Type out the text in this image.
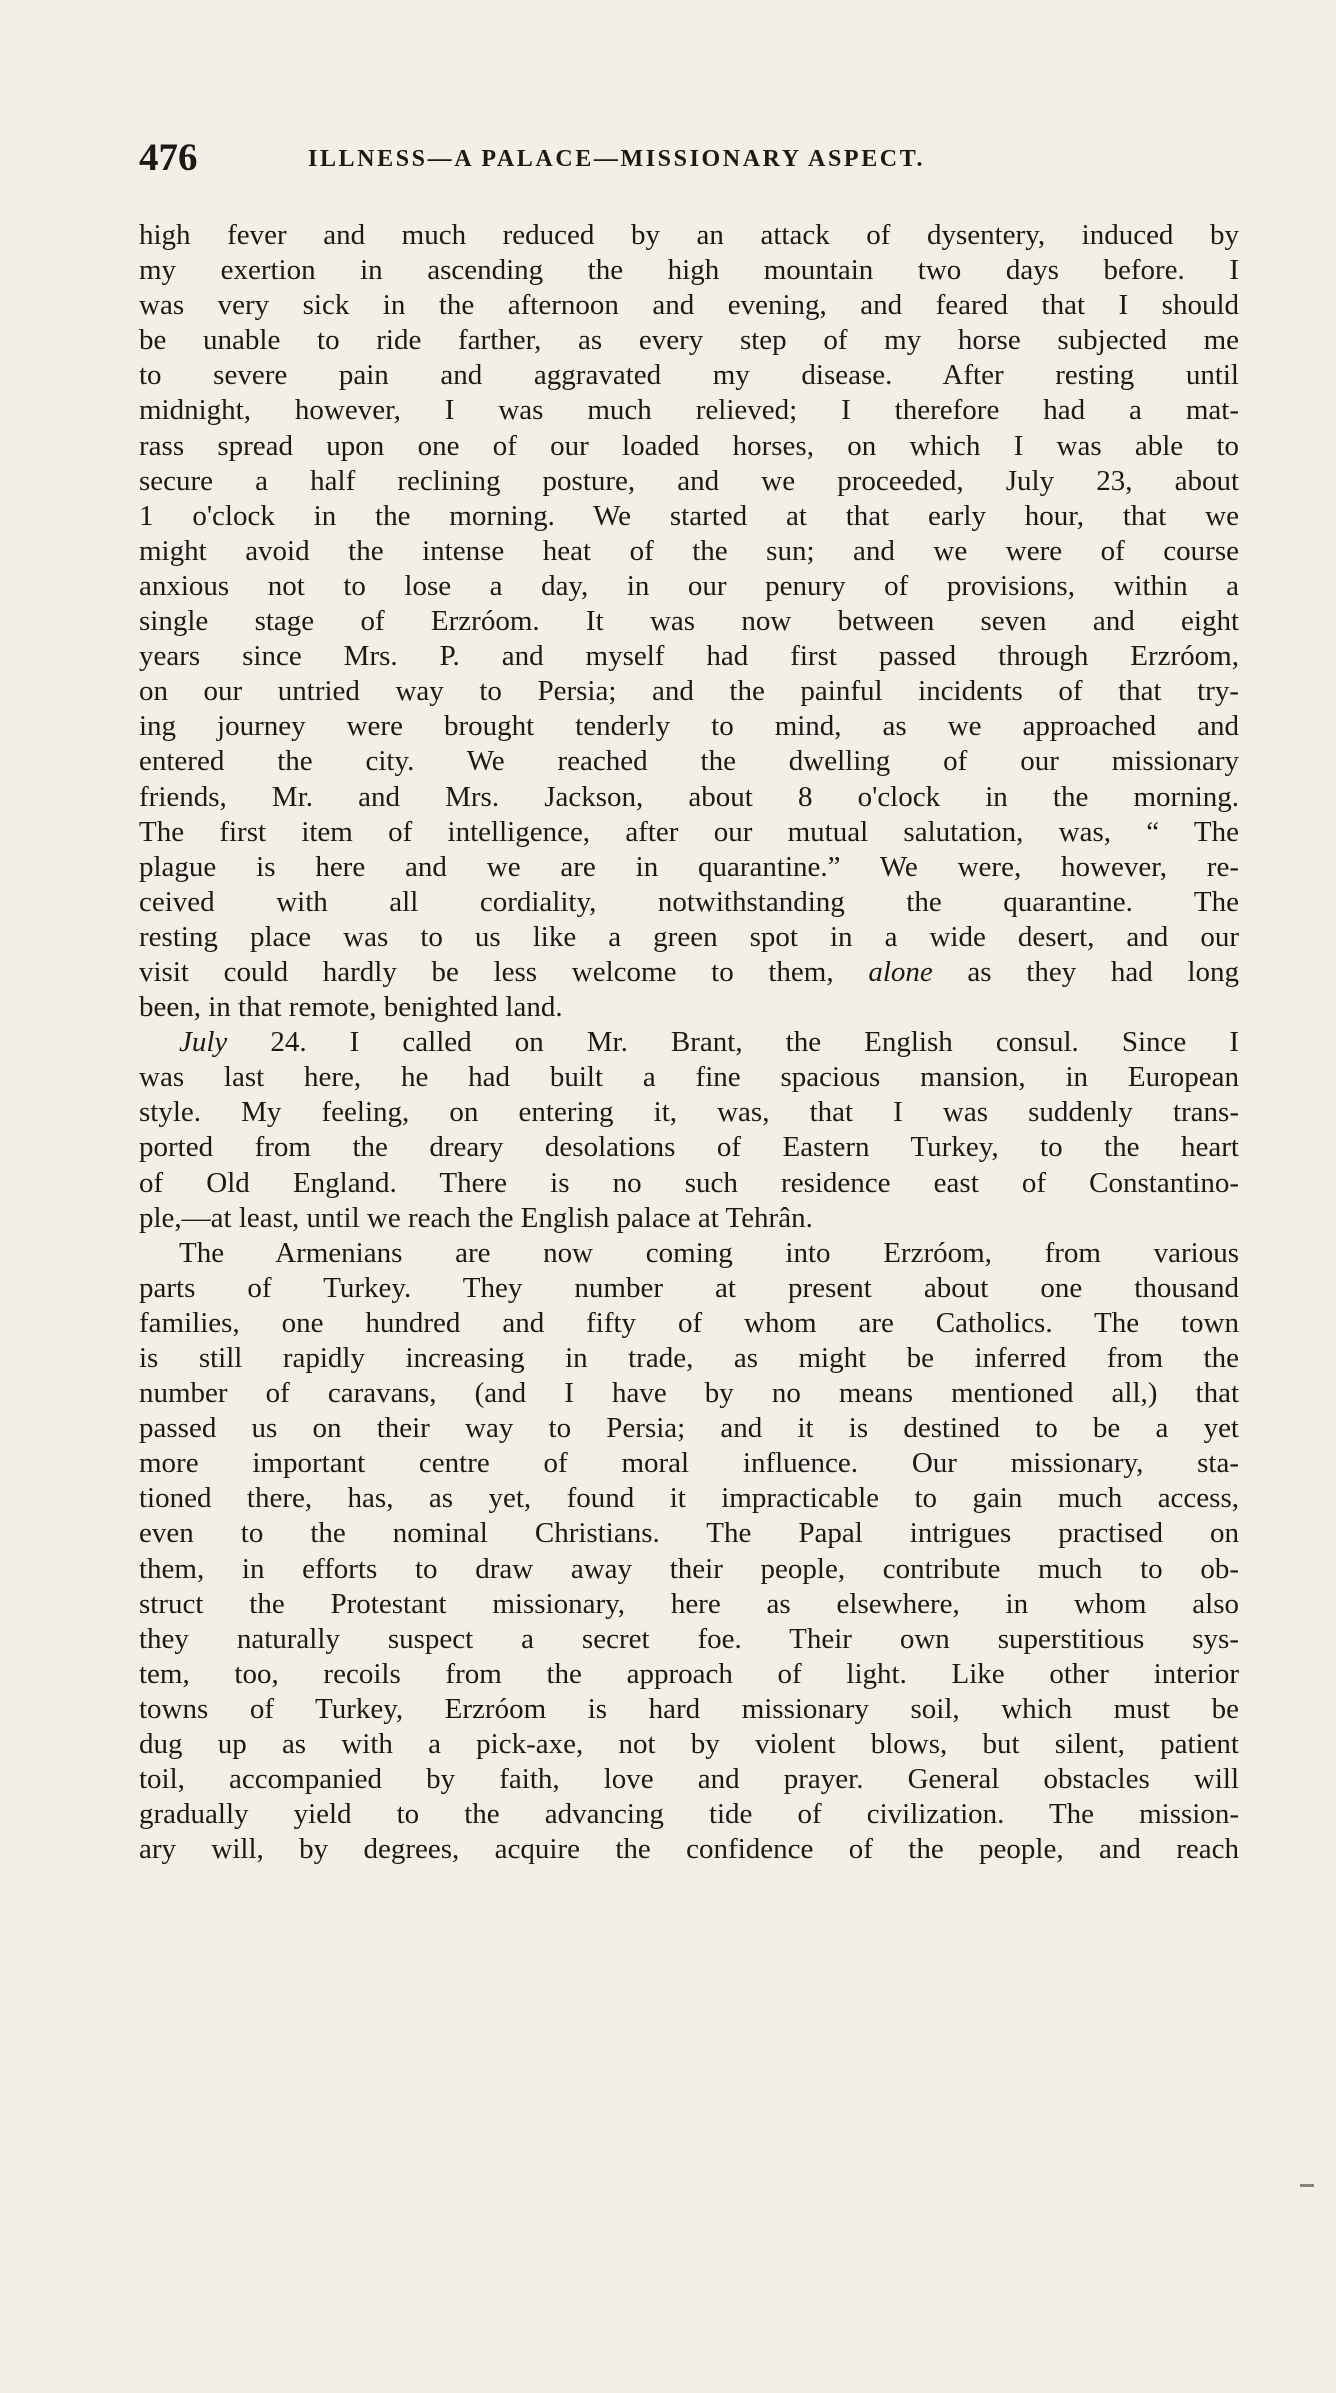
476	ILLNESS—A PALACE—MISSIONARY ASPECT.
high fever and much reduced by an attack of dysentery, induced by
my exertion in ascending the high mountain two days before. I
was very sick in the afternoon and evening, and feared that I should
be unable to ride farther, as every step of my horse subjected me
to severe pain and aggravated my disease. After resting until
midnight, however, I was much relieved; I therefore had a mat-
rass spread upon one of our loaded horses, on which I was able to
secure a half reclining posture, and we proceeded, July 23, about
1 o'clock in the morning. We started at that early hour, that we
might avoid the intense heat of the sun; and we were of course
anxious not to lose a day, in our penury of provisions, within a
single stage of Erzróom. It was now between seven and eight
years since Mrs. P. and myself had first passed through Erzróom,
on our untried way to Persia; and the painful incidents of that try-
ing journey were brought tenderly to mind, as we approached and
entered the city. We reached the dwelling of our missionary
friends, Mr. and Mrs. Jackson, about 8 o'clock in the morning.
The first item of intelligence, after our mutual salutation, was, “ The
plague is here and we are in quarantine.” We were, however, re-
ceived with all cordiality, notwithstanding the quarantine. The
resting place was to us like a green spot in a wide desert, and our
visit could hardly be less welcome to them, alone as they had long
been, in that remote, benighted land.
July 24. I called on Mr. Brant, the English consul. Since I
was last here, he had built a fine spacious mansion, in European
style. My feeling, on entering it, was, that I was suddenly trans-
ported from the dreary desolations of Eastern Turkey, to the heart
of Old England. There is no such residence east of Constantino-
ple,—at least, until we reach the English palace at Tehrân.
The Armenians are now coming into Erzróom, from various
parts of Turkey. They number at present about one thousand
families, one hundred and fifty of whom are Catholics. The town
is still rapidly increasing in trade, as might be inferred from the
number of caravans, (and I have by no means mentioned all,) that
passed us on their way to Persia; and it is destined to be a yet
more important centre of moral influence. Our missionary, sta-
tioned there, has, as yet, found it impracticable to gain much access,
even to the nominal Christians. The Papal intrigues practised on
them, in efforts to draw away their people, contribute much to ob-
struct the Protestant missionary, here as elsewhere, in whom also
they naturally suspect a secret foe. Their own superstitious sys-
tem, too, recoils from the approach of light. Like other interior
towns of Turkey, Erzróom is hard missionary soil, which must be
dug up as with a pick-axe, not by violent blows, but silent, patient
toil, accompanied by faith, love and prayer. General obstacles will
gradually yield to the advancing tide of civilization. The mission-
ary will, by degrees, acquire the confidence of the people, and reach
